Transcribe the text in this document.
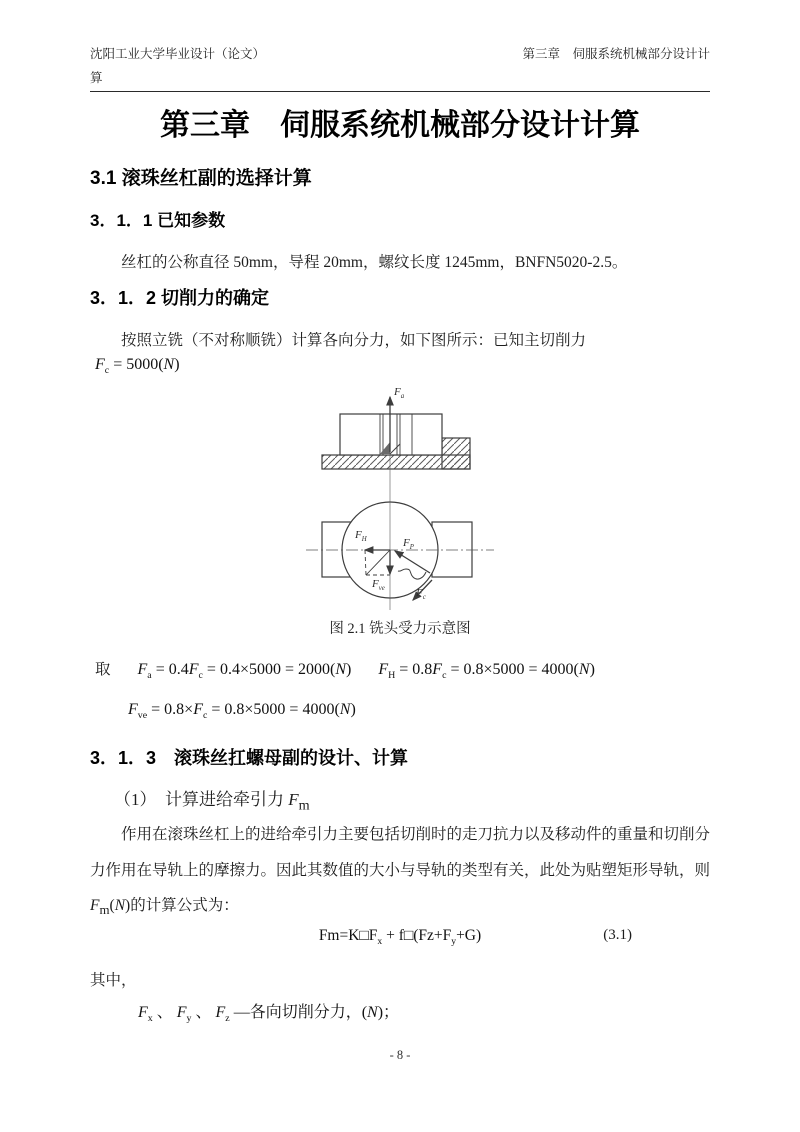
沈阳工业大学毕业设计（论文）	第三章　伺服系统机械部分设计计
算
第三章　伺服系统机械部分设计计算
3.1 滚珠丝杠副的选择计算
3．1．1 已知参数
丝杠的公称直径 50mm，导程 20mm，螺纹长度 1245mm，BNFN5020-2.5。
3．1．2 切削力的确定
按照立铣（不对称顺铣）计算各向分力，如下图所示：已知主切削力
$F_c = 5000(N)$
$F_a$
$F_H$	$F_P$
$F_{ve}$	$F_c$
图 2.1 铣头受力示意图
取 $F_a = 0.4F_c = 0.4\times 5000 = 2000(N) F_H = 0.8F_c = 0.8\times 5000 = 4000(N)$
$F_{ve} = 0.8\times F_c = 0.8\times 5000 = 4000(N)$
3．1．3　滚珠丝扛螺母副的设计、计算
（1）　计算进给牵引力 $F_m$
作用在滚珠丝杠上的进给牵引力主要包括切削时的走刀抗力以及移动件的重量和切削分力作用在导轨上的摩擦力。因此其数值的大小与导轨的类型有关，此处为贴塑矩形导轨，则$F_m(N)$的计算公式为：
$Fm=K□F_x$ + $f□(Fz+F_y+G)$	(3.1)
其中，
$F_x$ 、 $F_y$ 、 $F_z$ —各向切削分力，(N)；
- 8 -
